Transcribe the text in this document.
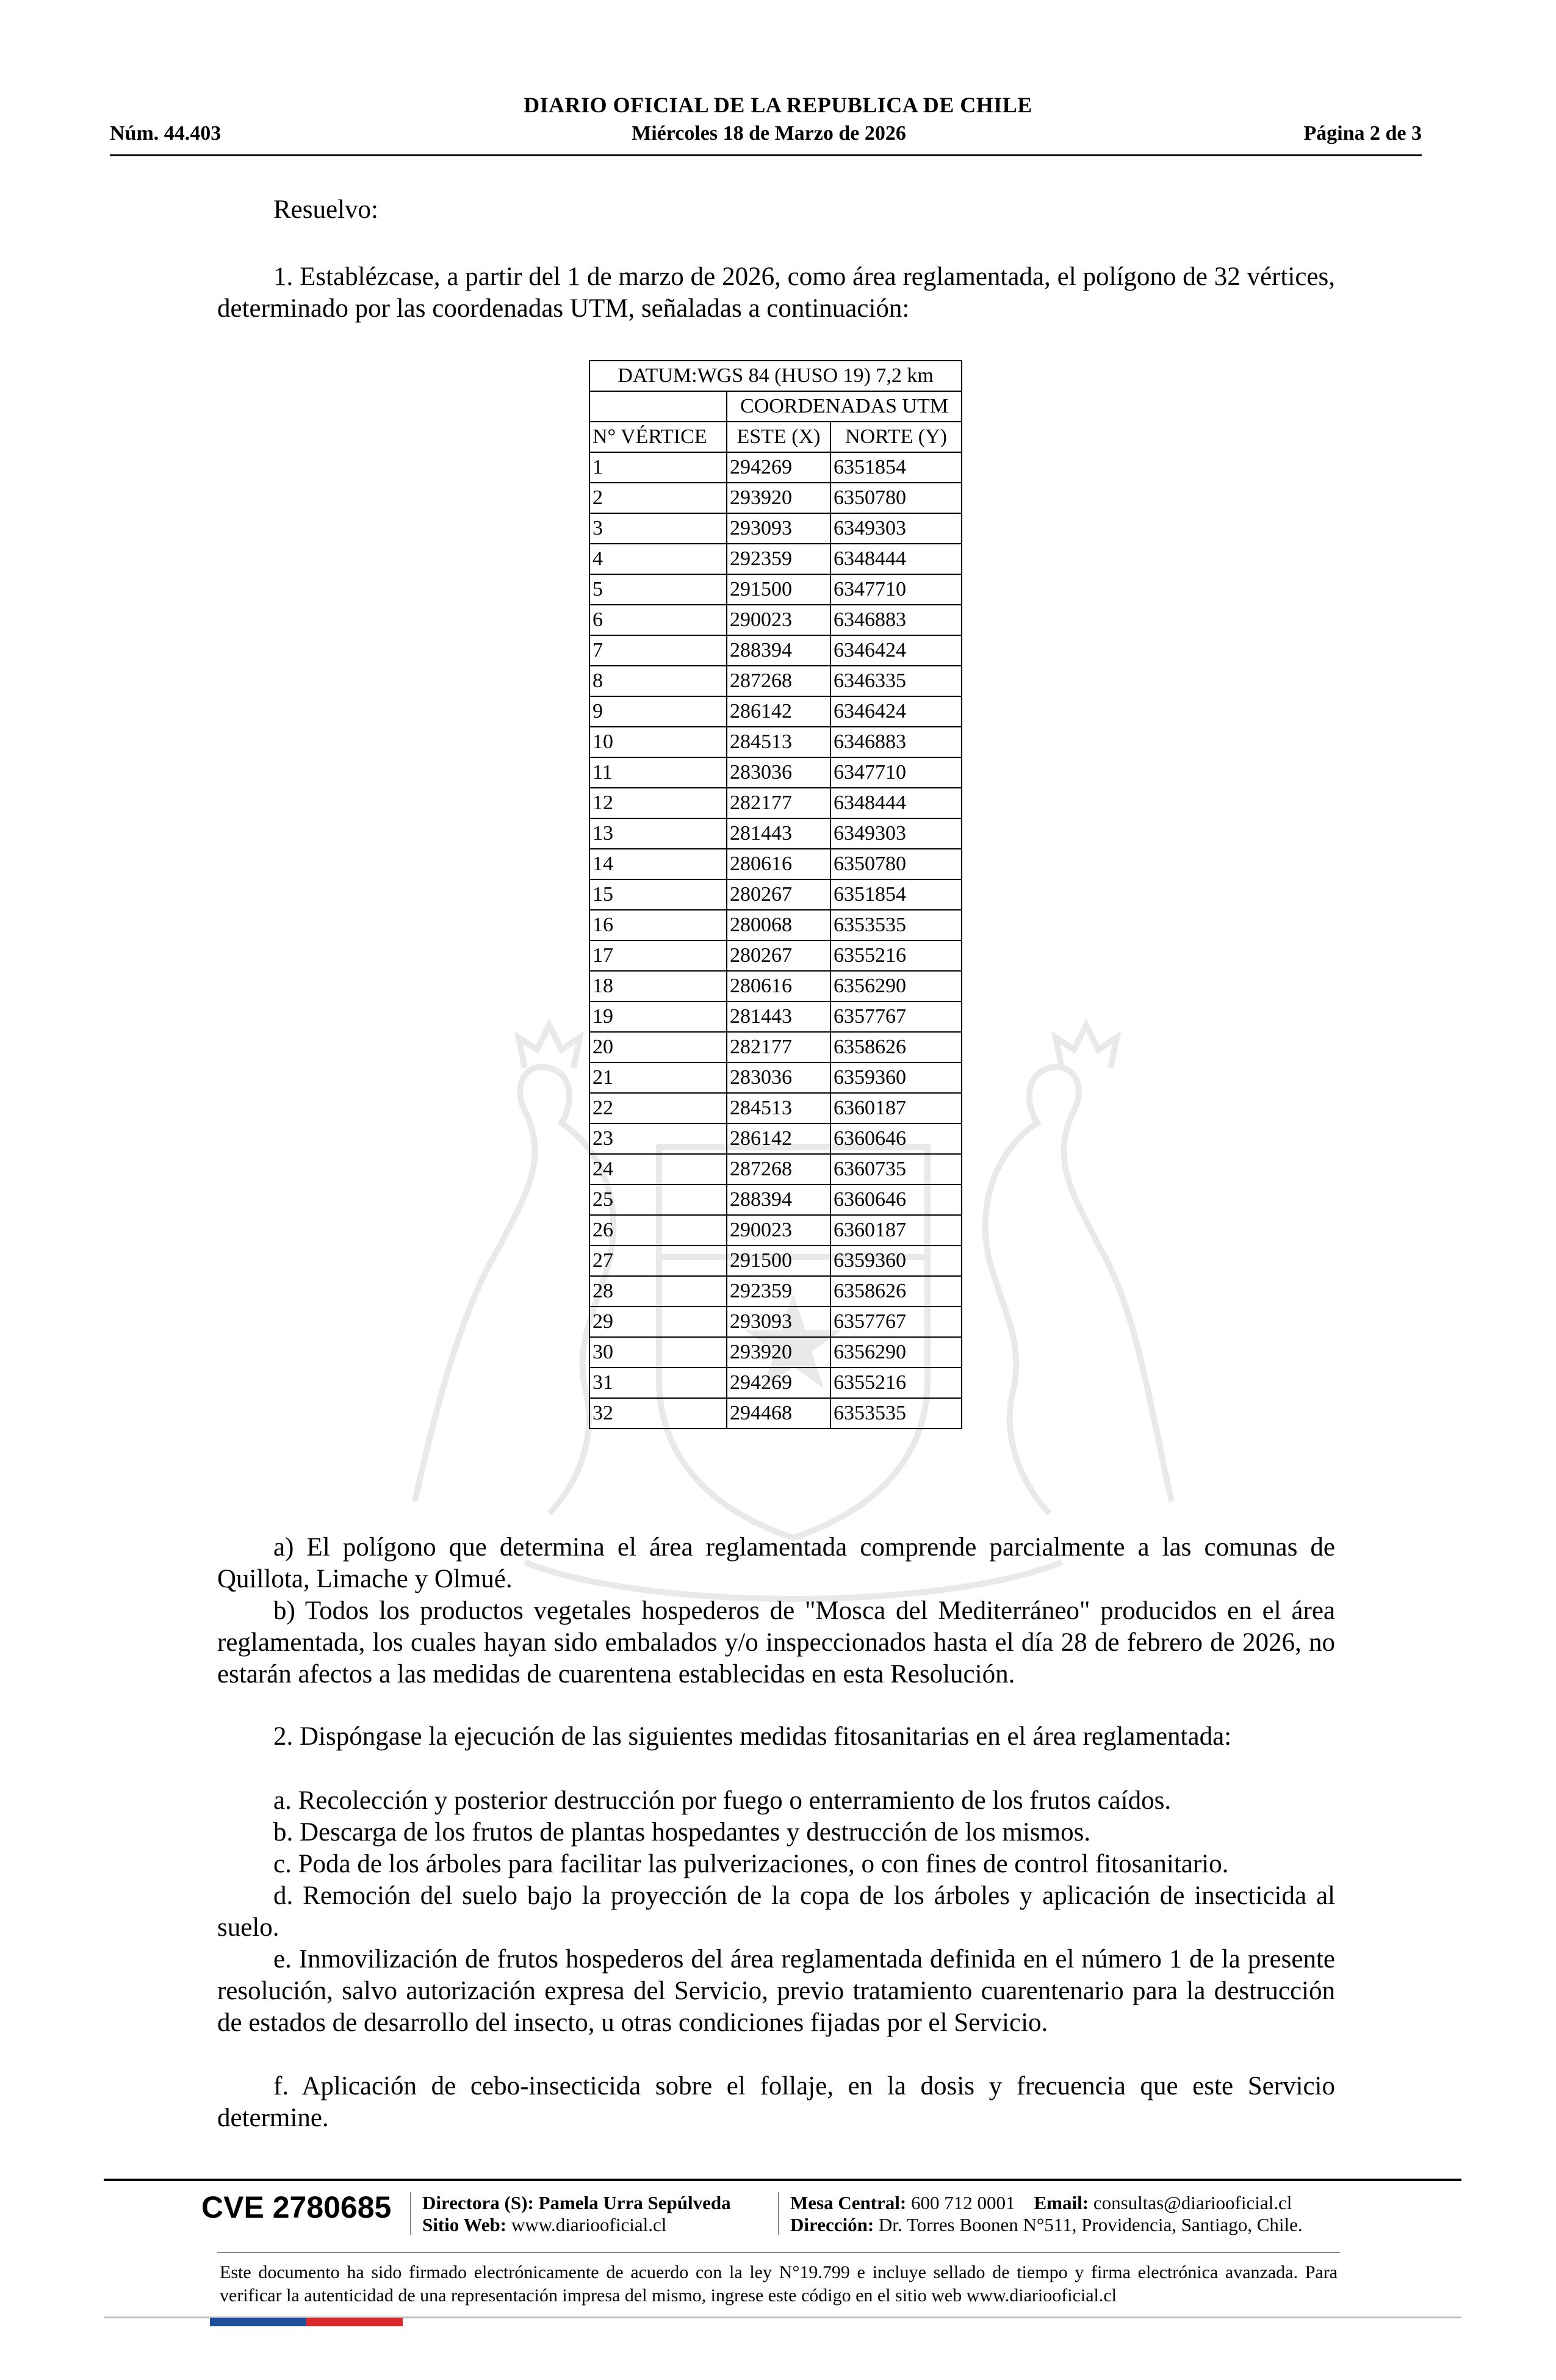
DIARIO OFICIAL DE LA REPUBLICA DE CHILE
Núm. 44.403	Miércoles 18 de Marzo de 2026	Página 2 de 3
Resuelvo:
1. Establézcase, a partir del 1 de marzo de 2026, como área reglamentada, el polígono de 32 vértices, determinado por las coordenadas UTM, señaladas a continuación:
DATUM:WGS 84 (HUSO 19) 7,2 km		
	COORDENADAS UTM	
N° VÉRTICE	ESTE (X)	NORTE (Y)
1	294269	6351854
2	293920	6350780
3	293093	6349303
4	292359	6348444
5	291500	6347710
6	290023	6346883
7	288394	6346424
8	287268	6346335
9	286142	6346424
10	284513	6346883
11	283036	6347710
12	282177	6348444
13	281443	6349303
14	280616	6350780
15	280267	6351854
16	280068	6353535
17	280267	6355216
18	280616	6356290
19	281443	6357767
20	282177	6358626
21	283036	6359360
22	284513	6360187
23	286142	6360646
24	287268	6360735
25	288394	6360646
26	290023	6360187
27	291500	6359360
28	292359	6358626
29	293093	6357767
30	293920	6356290
31	294269	6355216
32	294468	6353535
a) El polígono que determina el área reglamentada comprende parcialmente a las comunas de Quillota, Limache y Olmué.
b) Todos los productos vegetales hospederos de "Mosca del Mediterráneo" producidos en el área reglamentada, los cuales hayan sido embalados y/o inspeccionados hasta el día 28 de febrero de 2026, no estarán afectos a las medidas de cuarentena establecidas en esta Resolución.
2. Dispóngase la ejecución de las siguientes medidas fitosanitarias en el área reglamentada:
a. Recolección y posterior destrucción por fuego o enterramiento de los frutos caídos.
b. Descarga de los frutos de plantas hospedantes y destrucción de los mismos.
c. Poda de los árboles para facilitar las pulverizaciones, o con fines de control fitosanitario.
d. Remoción del suelo bajo la proyección de la copa de los árboles y aplicación de insecticida al suelo.
e. Inmovilización de frutos hospederos del área reglamentada definida en el número 1 de la presente resolución, salvo autorización expresa del Servicio, previo tratamiento cuarentenario para la destrucción de estados de desarrollo del insecto, u otras condiciones fijadas por el Servicio.
f. Aplicación de cebo-insecticida sobre el follaje, en la dosis y frecuencia que este Servicio determine.
CVE 2780685 Directora (S): Pamela Urra Sepúlveda
Sitio Web: www.diariooficial.cl
Mesa Central: 600 712 0001 Email: consultas@diariooficial.cl
Dirección: Dr. Torres Boonen N°511, Providencia, Santiago, Chile.
Este documento ha sido firmado electrónicamente de acuerdo con la ley N°19.799 e incluye sellado de tiempo y firma electrónica avanzada. Para verificar la autenticidad de una representación impresa del mismo, ingrese este código en el sitio web www.diariooficial.cl
